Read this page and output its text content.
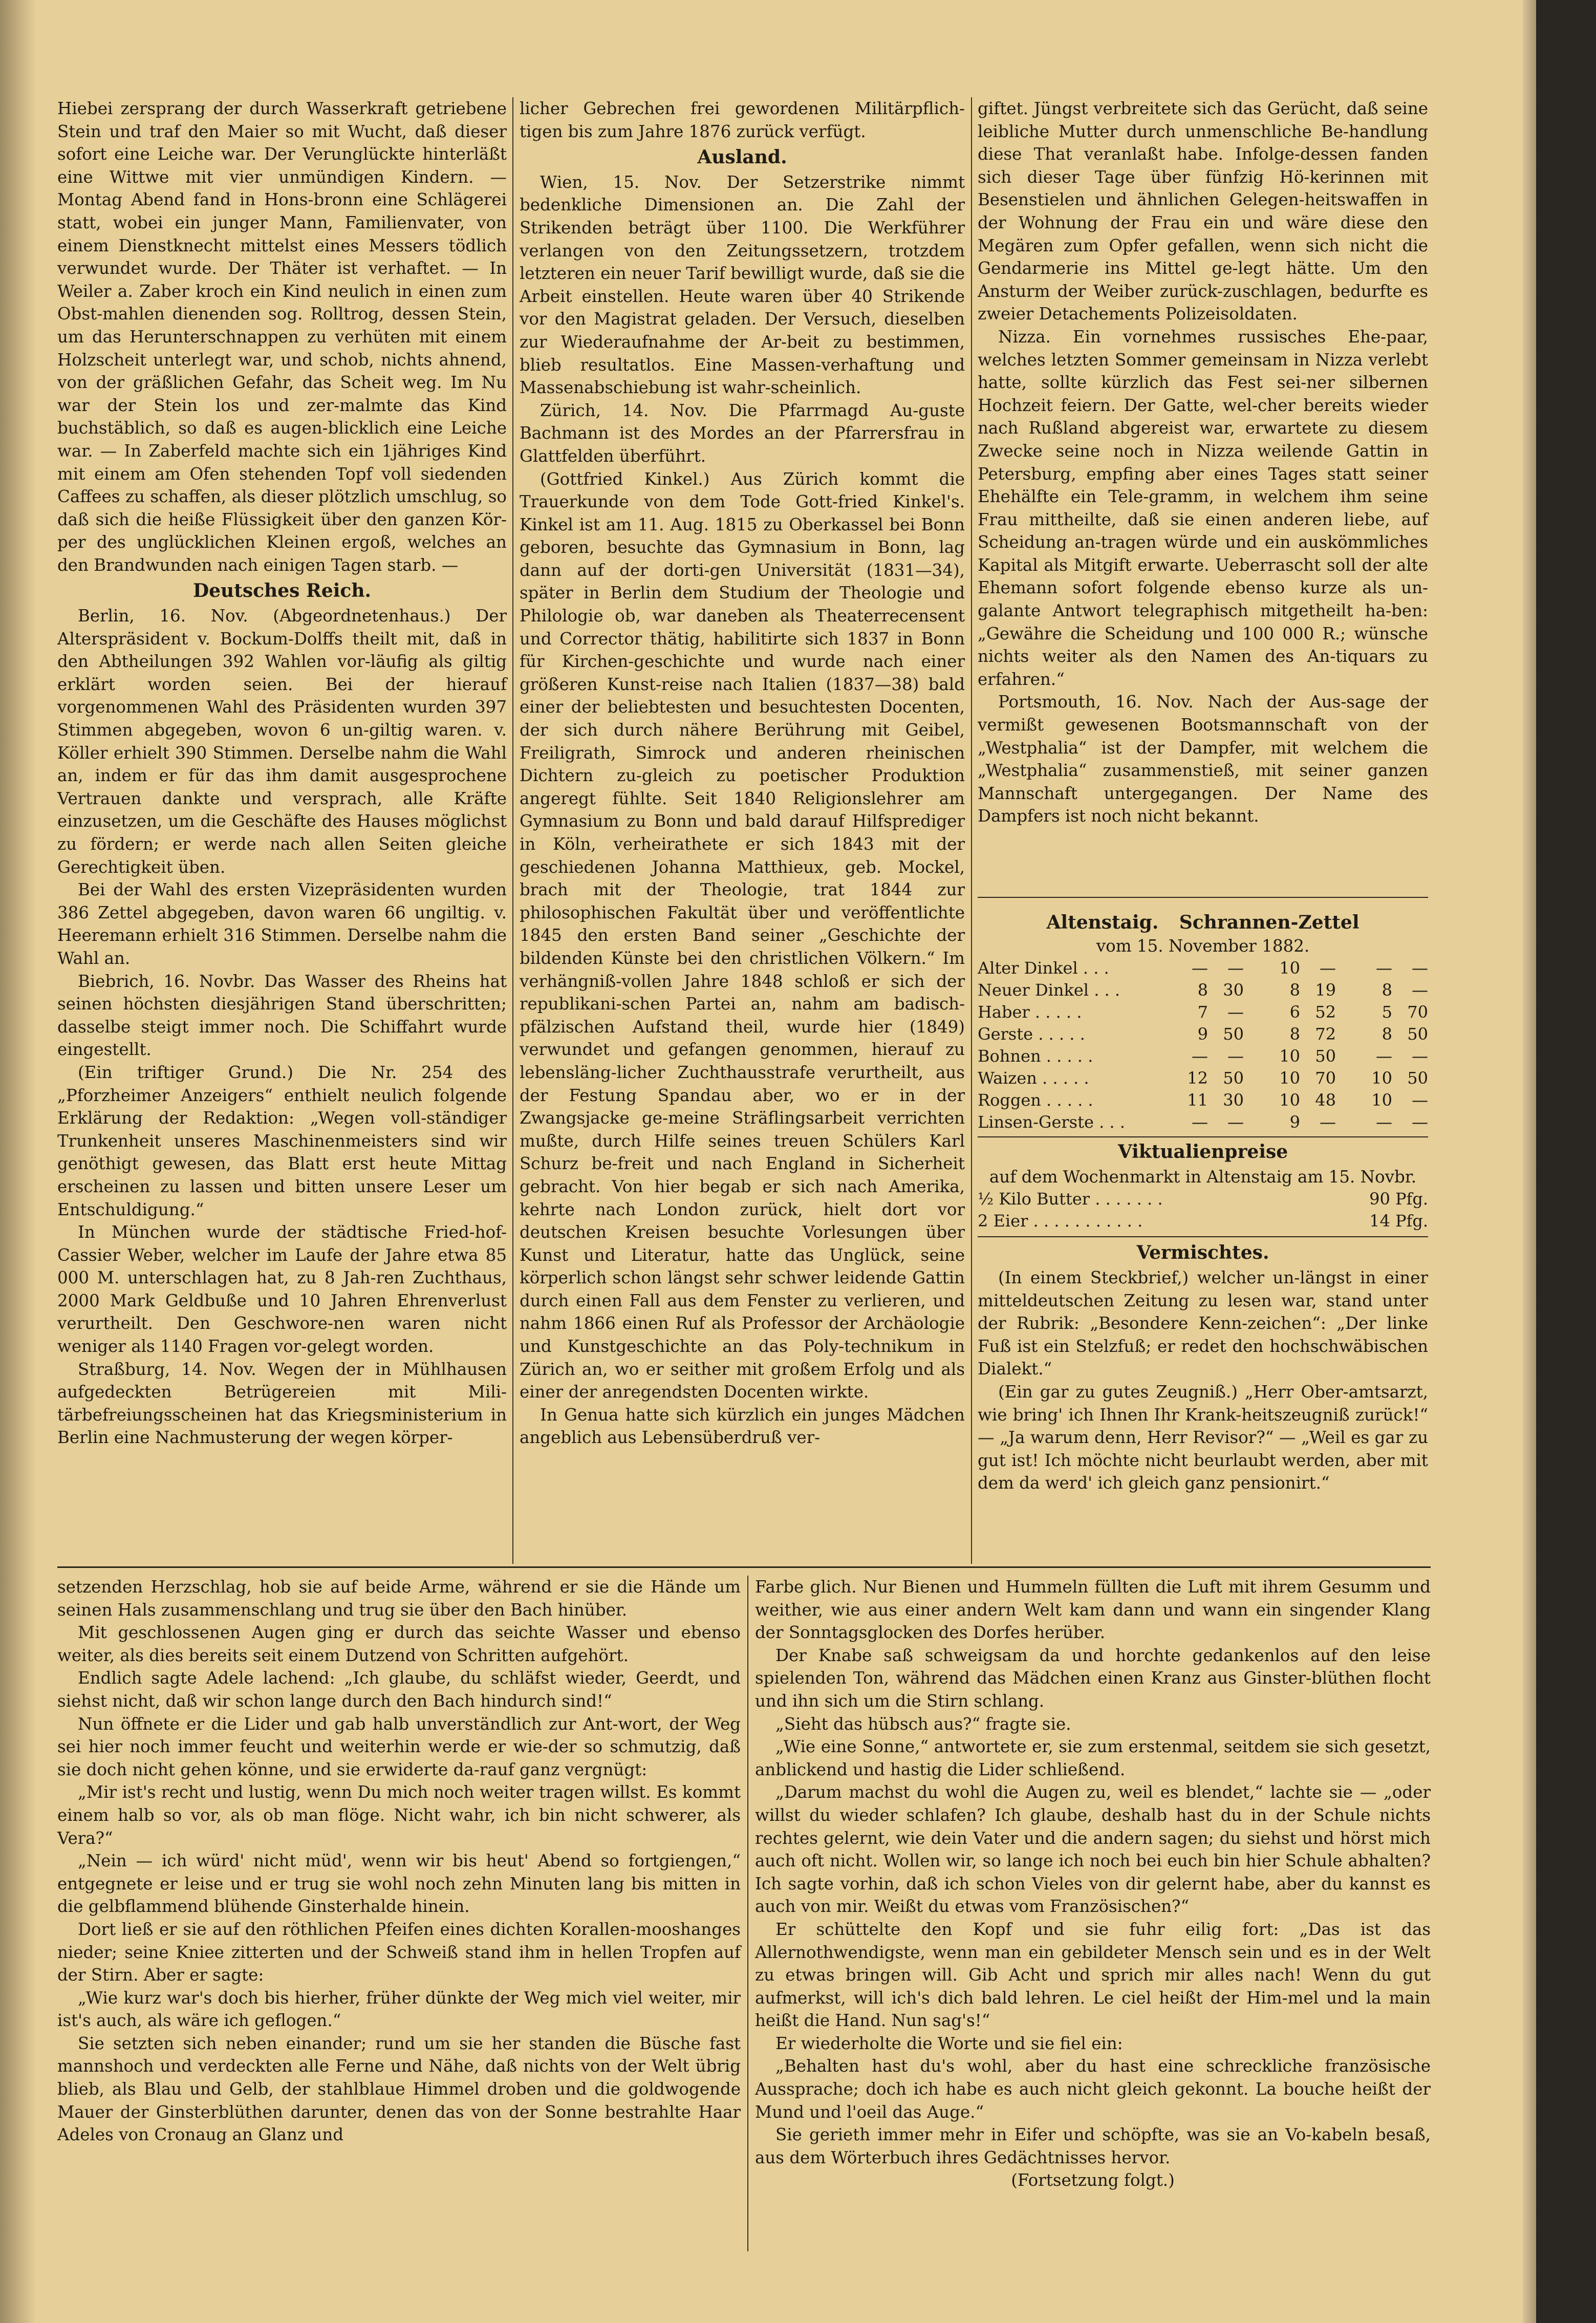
Hiebei zersprang der durch Wasserkraft getriebene Stein und traf den Maier so mit Wucht, daß dieser sofort eine Leiche war. Der Verunglückte hinterläßt eine Wittwe mit vier unmündigen Kindern. — Montag Abend fand in Hons-bronn eine Schlägerei statt, wobei ein junger Mann, Familienvater, von einem Dienstknecht mittelst eines Messers tödlich verwundet wurde. Der Thäter ist verhaftet. — In Weiler a. Zaber kroch ein Kind neulich in einen zum Obst-mahlen dienenden sog. Rolltrog, dessen Stein, um das Herunterschnappen zu verhüten mit einem Holzscheit unterlegt war, und schob, nichts ahnend, von der gräßlichen Gefahr, das Scheit weg. Im Nu war der Stein los und zer-malmte das Kind buchstäblich, so daß es augen-blicklich eine Leiche war. — In Zaberfeld machte sich ein 1jähriges Kind mit einem am Ofen stehenden Topf voll siedenden Caffees zu schaffen, als dieser plötzlich umschlug, so daß sich die heiße Flüssigkeit über den ganzen Kör-per des unglücklichen Kleinen ergoß, welches an den Brandwunden nach einigen Tagen starb. —

Deutsches Reich.

Berlin, 16. Nov. (Abgeordnetenhaus.) Der Alterspräsident v. Bockum-Dolffs theilt mit, daß in den Abtheilungen 392 Wahlen vor-läufig als giltig erklärt worden seien. Bei der hierauf vorgenommenen Wahl des Präsidenten wurden 397 Stimmen abgegeben, wovon 6 un-giltig waren. v. Köller erhielt 390 Stimmen. Derselbe nahm die Wahl an, indem er für das ihm damit ausgesprochene Vertrauen dankte und versprach, alle Kräfte einzusetzen, um die Geschäfte des Hauses möglichst zu fördern; er werde nach allen Seiten gleiche Gerechtigkeit üben.

Bei der Wahl des ersten Vizepräsidenten wurden 386 Zettel abgegeben, davon waren 66 ungiltig. v. Heeremann erhielt 316 Stimmen. Derselbe nahm die Wahl an.

Biebrich, 16. Novbr. Das Wasser des Rheins hat seinen höchsten diesjährigen Stand überschritten; dasselbe steigt immer noch. Die Schiffahrt wurde eingestellt.

(Ein triftiger Grund.) Die Nr. 254 des „Pforzheimer Anzeigers“ enthielt neulich folgende Erklärung der Redaktion: „Wegen voll-ständiger Trunkenheit unseres Maschinenmeisters sind wir genöthigt gewesen, das Blatt erst heute Mittag erscheinen zu lassen und bitten unsere Leser um Entschuldigung.“

In München wurde der städtische Fried-hof-Cassier Weber, welcher im Laufe der Jahre etwa 85 000 M. unterschlagen hat, zu 8 Jah-ren Zuchthaus, 2000 Mark Geldbuße und 10 Jahren Ehrenverlust verurtheilt. Den Geschwore-nen waren nicht weniger als 1140 Fragen vor-gelegt worden.

Straßburg, 14. Nov. Wegen der in Mühlhausen aufgedeckten Betrügereien mit Mili-tärbefreiungsscheinen hat das Kriegsministerium in Berlin eine Nachmusterung der wegen körper-

licher Gebrechen frei gewordenen Militärpflich-tigen bis zum Jahre 1876 zurück verfügt.

Ausland.

Wien, 15. Nov. Der Setzerstrike nimmt bedenkliche Dimensionen an. Die Zahl der Strikenden beträgt über 1100. Die Werkführer verlangen von den Zeitungssetzern, trotzdem letzteren ein neuer Tarif bewilligt wurde, daß sie die Arbeit einstellen. Heute waren über 40 Strikende vor den Magistrat geladen. Der Versuch, dieselben zur Wiederaufnahme der Ar-beit zu bestimmen, blieb resultatlos. Eine Massen-verhaftung und Massenabschiebung ist wahr-scheinlich.

Zürich, 14. Nov. Die Pfarrmagd Au-guste Bachmann ist des Mordes an der Pfarrersfrau in Glattfelden überführt.

(Gottfried Kinkel.) Aus Zürich kommt die Trauerkunde von dem Tode Gott-fried Kinkel's. Kinkel ist am 11. Aug. 1815 zu Oberkassel bei Bonn geboren, besuchte das Gymnasium in Bonn, lag dann auf der dorti-gen Universität (1831—34), später in Berlin dem Studium der Theologie und Philologie ob, war daneben als Theaterrecensent und Corrector thätig, habilitirte sich 1837 in Bonn für Kirchen-geschichte und wurde nach einer größeren Kunst-reise nach Italien (1837—38) bald einer der beliebtesten und besuchtesten Docenten, der sich durch nähere Berührung mit Geibel, Freiligrath, Simrock und anderen rheinischen Dichtern zu-gleich zu poetischer Produktion angeregt fühlte. Seit 1840 Religionslehrer am Gymnasium zu Bonn und bald darauf Hilfsprediger in Köln, verheirathete er sich 1843 mit der geschiedenen Johanna Matthieux, geb. Mockel, brach mit der Theologie, trat 1844 zur philosophischen Fakultät über und veröffentlichte 1845 den ersten Band seiner „Geschichte der bildenden Künste bei den christlichen Völkern.“ Im verhängniß-vollen Jahre 1848 schloß er sich der republikani-schen Partei an, nahm am badisch-pfälzischen Aufstand theil, wurde hier (1849) verwundet und gefangen genommen, hierauf zu lebensläng-licher Zuchthausstrafe verurtheilt, aus der Festung Spandau aber, wo er in der Zwangsjacke ge-meine Sträflingsarbeit verrichten mußte, durch Hilfe seines treuen Schülers Karl Schurz be-freit und nach England in Sicherheit gebracht. Von hier begab er sich nach Amerika, kehrte nach London zurück, hielt dort vor deutschen Kreisen besuchte Vorlesungen über Kunst und Literatur, hatte das Unglück, seine körperlich schon längst sehr schwer leidende Gattin durch einen Fall aus dem Fenster zu verlieren, und nahm 1866 einen Ruf als Professor der Archäologie und Kunstgeschichte an das Poly-technikum in Zürich an, wo er seither mit großem Erfolg und als einer der anregendsten Docenten wirkte.

In Genua hatte sich kürzlich ein junges Mädchen angeblich aus Lebensüberdruß ver-

giftet. Jüngst verbreitete sich das Gerücht, daß seine leibliche Mutter durch unmenschliche Be-handlung diese That veranlaßt habe. Infolge-dessen fanden sich dieser Tage über fünfzig Hö-kerinnen mit Besenstielen und ähnlichen Gelegen-heitswaffen in der Wohnung der Frau ein und wäre diese den Megären zum Opfer gefallen, wenn sich nicht die Gendarmerie ins Mittel ge-legt hätte. Um den Ansturm der Weiber zurück-zuschlagen, bedurfte es zweier Detachements Polizeisoldaten.

Nizza. Ein vornehmes russisches Ehe-paar, welches letzten Sommer gemeinsam in Nizza verlebt hatte, sollte kürzlich das Fest sei-ner silbernen Hochzeit feiern. Der Gatte, wel-cher bereits wieder nach Rußland abgereist war, erwartete zu diesem Zwecke seine noch in Nizza weilende Gattin in Petersburg, empfing aber eines Tages statt seiner Ehehälfte ein Tele-gramm, in welchem ihm seine Frau mittheilte, daß sie einen anderen liebe, auf Scheidung an-tragen würde und ein auskömmliches Kapital als Mitgift erwarte. Ueberrascht soll der alte Ehemann sofort folgende ebenso kurze als un-galante Antwort telegraphisch mitgetheilt ha-ben: „Gewähre die Scheidung und 100 000 R.; wünsche nichts weiter als den Namen des An-tiquars zu erfahren.“

Portsmouth, 16. Nov. Nach der Aus-sage der vermißt gewesenen Bootsmannschaft von der „Westphalia“ ist der Dampfer, mit welchem die „Westphalia“ zusammenstieß, mit seiner ganzen Mannschaft untergegangen. Der Name des Dampfers ist noch nicht bekannt.

Altenstaig. Schrannen-Zettel
vom 15. November 1882.
Alter Dinkel . . .	—	—	10	—	—	—
Neuer Dinkel . . .	8	30	8	19	8	—
Haber . . . . .	7	—	6	52	5	70
Gerste . . . . .	9	50	8	72	8	50
Bohnen . . . . .	—	—	10	50	—	—
Waizen . . . . .	12	50	10	70	10	50
Roggen . . . . .	11	30	10	48	10	—
Linsen-Gerste . . .	—	—	9	—	—	—
Viktualienpreise
auf dem Wochenmarkt in Altenstaig am 15. Novbr.
½ Kilo Butter . . . . . . .	90 Pfg.
2 Eier . . . . . . . . . . .	14 Pfg.
Vermischtes.

(In einem Steckbrief,) welcher un-längst in einer mitteldeutschen Zeitung zu lesen war, stand unter der Rubrik: „Besondere Kenn-zeichen“: „Der linke Fuß ist ein Stelzfuß; er redet den hochschwäbischen Dialekt.“

(Ein gar zu gutes Zeugniß.) „Herr Ober-amtsarzt, wie bring' ich Ihnen Ihr Krank-heitszeugniß zurück!“ — „Ja warum denn, Herr Revisor?“ — „Weil es gar zu gut ist! Ich möchte nicht beurlaubt werden, aber mit dem da werd' ich gleich ganz pensionirt.“

setzenden Herzschlag, hob sie auf beide Arme, während er sie die Hände um seinen Hals zusammenschlang und trug sie über den Bach hinüber.

Mit geschlossenen Augen ging er durch das seichte Wasser und ebenso weiter, als dies bereits seit einem Dutzend von Schritten aufgehört.

Endlich sagte Adele lachend: „Ich glaube, du schläfst wieder, Geerdt, und siehst nicht, daß wir schon lange durch den Bach hindurch sind!“

Nun öffnete er die Lider und gab halb unverständlich zur Ant-wort, der Weg sei hier noch immer feucht und weiterhin werde er wie-der so schmutzig, daß sie doch nicht gehen könne, und sie erwiderte da-rauf ganz vergnügt:

„Mir ist's recht und lustig, wenn Du mich noch weiter tragen willst. Es kommt einem halb so vor, als ob man flöge. Nicht wahr, ich bin nicht schwerer, als Vera?“

„Nein — ich würd' nicht müd', wenn wir bis heut' Abend so fortgiengen,“ entgegnete er leise und er trug sie wohl noch zehn Minuten lang bis mitten in die gelbflammend blühende Ginsterhalde hinein.

Dort ließ er sie auf den röthlichen Pfeifen eines dichten Korallen-mooshanges nieder; seine Kniee zitterten und der Schweiß stand ihm in hellen Tropfen auf der Stirn. Aber er sagte:

„Wie kurz war's doch bis hierher, früher dünkte der Weg mich viel weiter, mir ist's auch, als wäre ich geflogen.“

Sie setzten sich neben einander; rund um sie her standen die Büsche fast mannshoch und verdeckten alle Ferne und Nähe, daß nichts von der Welt übrig blieb, als Blau und Gelb, der stahlblaue Himmel droben und die goldwogende Mauer der Ginsterblüthen darunter, denen das von der Sonne bestrahlte Haar Adeles von Cronaug an Glanz und

Farbe glich. Nur Bienen und Hummeln füllten die Luft mit ihrem Gesumm und weither, wie aus einer andern Welt kam dann und wann ein singender Klang der Sonntagsglocken des Dorfes herüber.

Der Knabe saß schweigsam da und horchte gedankenlos auf den leise spielenden Ton, während das Mädchen einen Kranz aus Ginster-blüthen flocht und ihn sich um die Stirn schlang.

„Sieht das hübsch aus?“ fragte sie.

„Wie eine Sonne,“ antwortete er, sie zum erstenmal, seitdem sie sich gesetzt, anblickend und hastig die Lider schließend.

„Darum machst du wohl die Augen zu, weil es blendet,“ lachte sie — „oder willst du wieder schlafen? Ich glaube, deshalb hast du in der Schule nichts rechtes gelernt, wie dein Vater und die andern sagen; du siehst und hörst mich auch oft nicht. Wollen wir, so lange ich noch bei euch bin hier Schule abhalten? Ich sagte vorhin, daß ich schon Vieles von dir gelernt habe, aber du kannst es auch von mir. Weißt du etwas vom Französischen?“

Er schüttelte den Kopf und sie fuhr eilig fort: „Das ist das Allernothwendigste, wenn man ein gebildeter Mensch sein und es in der Welt zu etwas bringen will. Gib Acht und sprich mir alles nach! Wenn du gut aufmerkst, will ich's dich bald lehren. Le ciel heißt der Him-mel und la main heißt die Hand. Nun sag's!“

Er wiederholte die Worte und sie fiel ein:

„Behalten hast du's wohl, aber du hast eine schreckliche französische Aussprache; doch ich habe es auch nicht gleich gekonnt. La bouche heißt der Mund und l'oeil das Auge.“

Sie gerieth immer mehr in Eifer und schöpfte, was sie an Vo-kabeln besaß, aus dem Wörterbuch ihres Gedächtnisses hervor.

(Fortsetzung folgt.)
